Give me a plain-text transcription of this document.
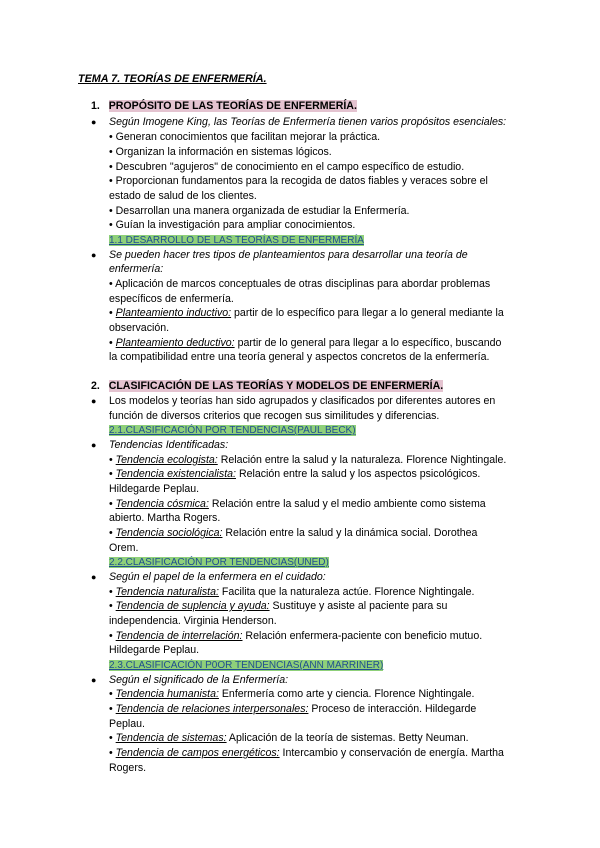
TEMA 7. TEORÍAS DE ENFERMERÍA.
1. PROPÓSITO DE LAS TEORÍAS DE ENFERMERÍA.
● Según Imogene King, las Teorías de Enfermería tienen varios propósitos esenciales:
• Generan conocimientos que facilitan mejorar la práctica.
• Organizan la información en sistemas lógicos.
• Descubren "agujeros" de conocimiento en el campo específico de estudio.
• Proporcionan fundamentos para la recogida de datos fiables y veraces sobre el
estado de salud de los clientes.
• Desarrollan una manera organizada de estudiar la Enfermería.
• Guían la investigación para ampliar conocimientos.
1.1 DESARROLLO DE LAS TEORÍAS DE ENFERMERÍA
● Se pueden hacer tres tipos de planteamientos para desarrollar una teoría de
enfermería:
• Aplicación de marcos conceptuales de otras disciplinas para abordar problemas
específicos de enfermería.
• Planteamiento inductivo: partir de lo específico para llegar a lo general mediante la
observación.
• Planteamiento deductivo: partir de lo general para llegar a lo específico, buscando
la compatibilidad entre una teoría general y aspectos concretos de la enfermería.
2. CLASIFICACIÓN DE LAS TEORÍAS Y MODELOS DE ENFERMERÍA.
● Los modelos y teorías han sido agrupados y clasificados por diferentes autores en
función de diversos criterios que recogen sus similitudes y diferencias.
2.1.CLASIFICACIÓN POR TENDENCIAS(PAUL BECK)
● Tendencias Identificadas:
• Tendencia ecologista: Relación entre la salud y la naturaleza. Florence Nightingale.
• Tendencia existencialista: Relación entre la salud y los aspectos psicológicos.
Hildegarde Peplau.
• Tendencia cósmica: Relación entre la salud y el medio ambiente como sistema
abierto. Martha Rogers.
• Tendencia sociológica: Relación entre la salud y la dinámica social. Dorothea
Orem.
2.2.CLASIFICACIÓN POR TENDENCIAS(UNED)
● Según el papel de la enfermera en el cuidado:
• Tendencia naturalista: Facilita que la naturaleza actúe. Florence Nightingale.
• Tendencia de suplencia y ayuda: Sustituye y asiste al paciente para su
independencia. Virginia Henderson.
• Tendencia de interrelación: Relación enfermera-paciente con beneficio mutuo.
Hildegarde Peplau.
2.3.CLASIFICACIÓN P0OR TENDENCIAS(ANN MARRINER)
● Según el significado de la Enfermería:
• Tendencia humanista: Enfermería como arte y ciencia. Florence Nightingale.
• Tendencia de relaciones interpersonales: Proceso de interacción. Hildegarde
Peplau.
• Tendencia de sistemas: Aplicación de la teoría de sistemas. Betty Neuman.
• Tendencia de campos energéticos: Intercambio y conservación de energía. Martha
Rogers.
